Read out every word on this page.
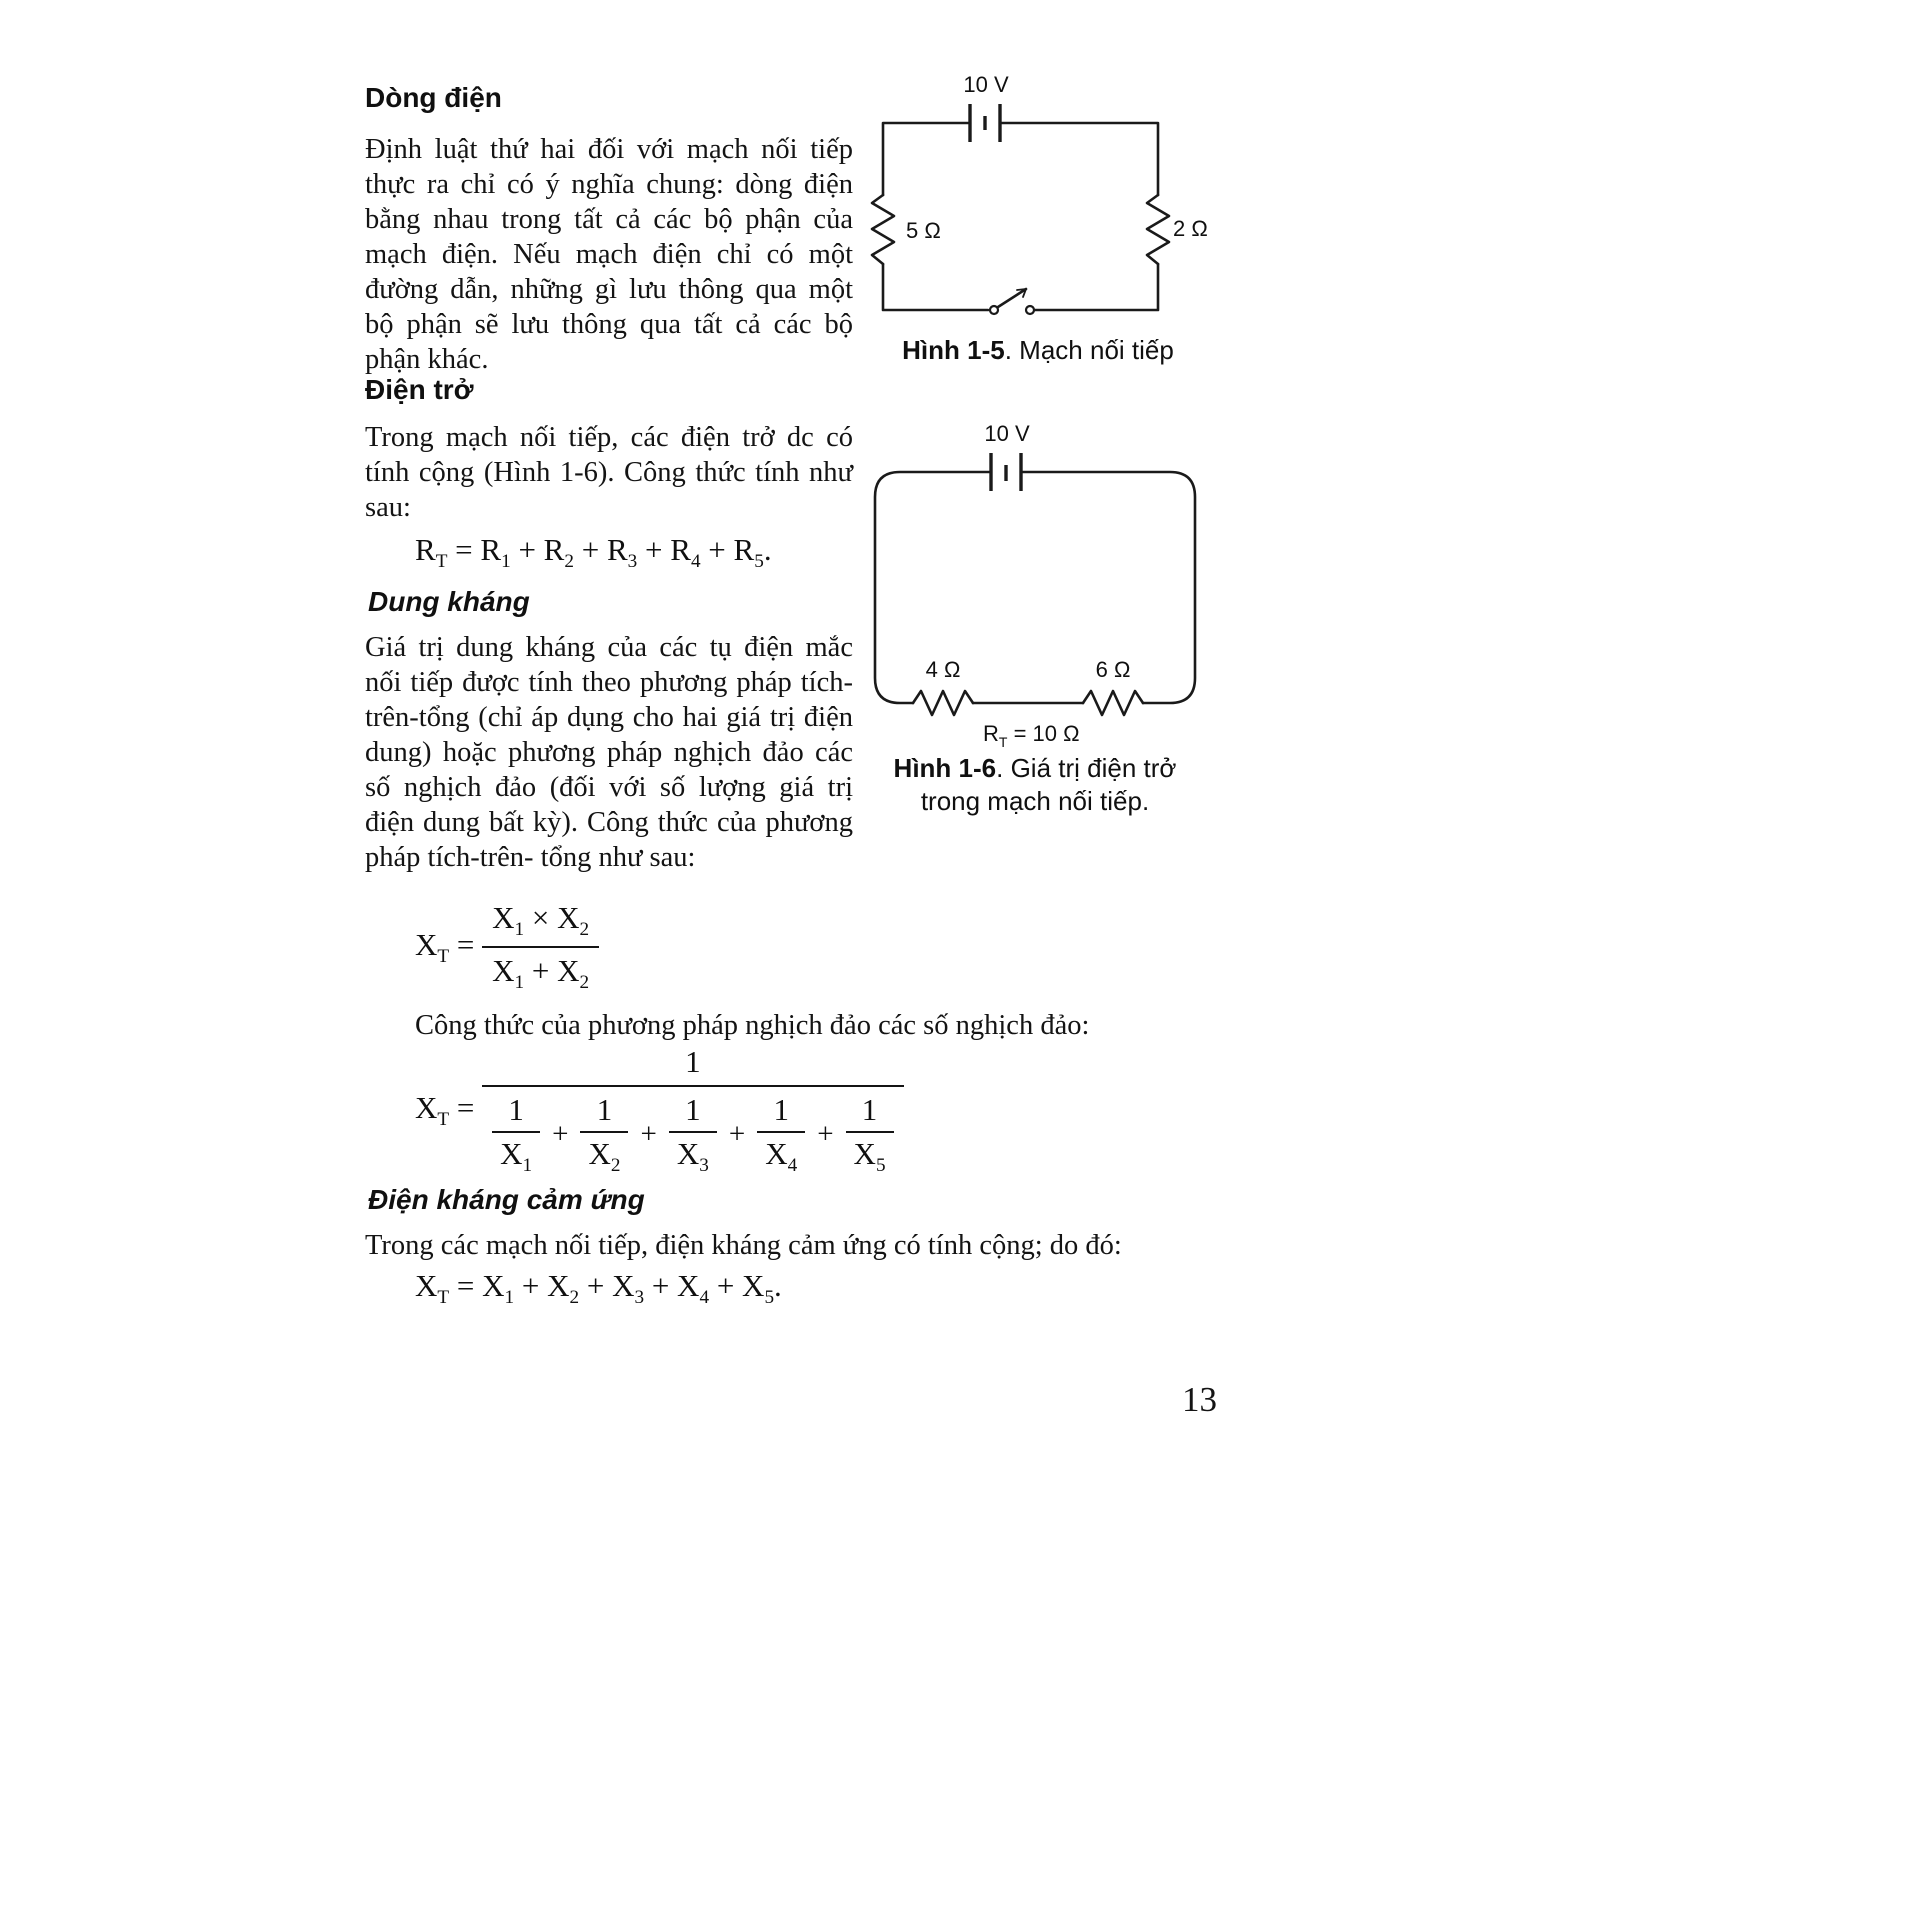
Dòng điện
Định luật thứ hai đối với mạch nối tiếp thực ra chỉ có ý nghĩa chung: dòng điện bằng nhau trong tất cả các bộ phận của mạch điện. Nếu mạch điện chỉ có một đường dẫn, những gì lưu thông qua một bộ phận sẽ lưu thông qua tất cả các bộ phận khác.
Điện trở
Trong mạch nối tiếp, các điện trở dc có tính cộng (Hình 1-6). Công thức tính như sau:
$R_T = R_1 + R_2 + R_3 + R_4 + R_5$.
Dung kháng
Giá trị dung kháng của các tụ điện mắc nối tiếp được tính theo phương pháp tích-trên-tổng (chỉ áp dụng cho hai giá trị điện dung) hoặc phương pháp nghịch đảo các số nghịch đảo (đối với số lượng giá trị điện dung bất kỳ). Công thức của phương pháp tích-trên- tổng như sau:
$X_T = \frac{X_1 \times X_2}{X_1 + X_2}$
Công thức của phương pháp nghịch đảo các số nghịch đảo:
$X_T$ =
1
$\frac{1}{X_1} + \frac{1}{X_2} + \frac{1}{X_3} + \frac{1}{X_4} + \frac{1}{X_5}$
Điện kháng cảm ứng
Trong các mạch nối tiếp, điện kháng cảm ứng có tính cộng; do đó:
$X_T = X_1 + X_2 + X_3 + X_4 + X_5$.
13
10 V
5 Ω	2 Ω
Hình 1-5. Mạch nối tiếp
10 V
4 Ω	6 Ω
$R_T = 10$ Ω
Hình 1-6. Giá trị điện trở
trong mạch nối tiếp.
